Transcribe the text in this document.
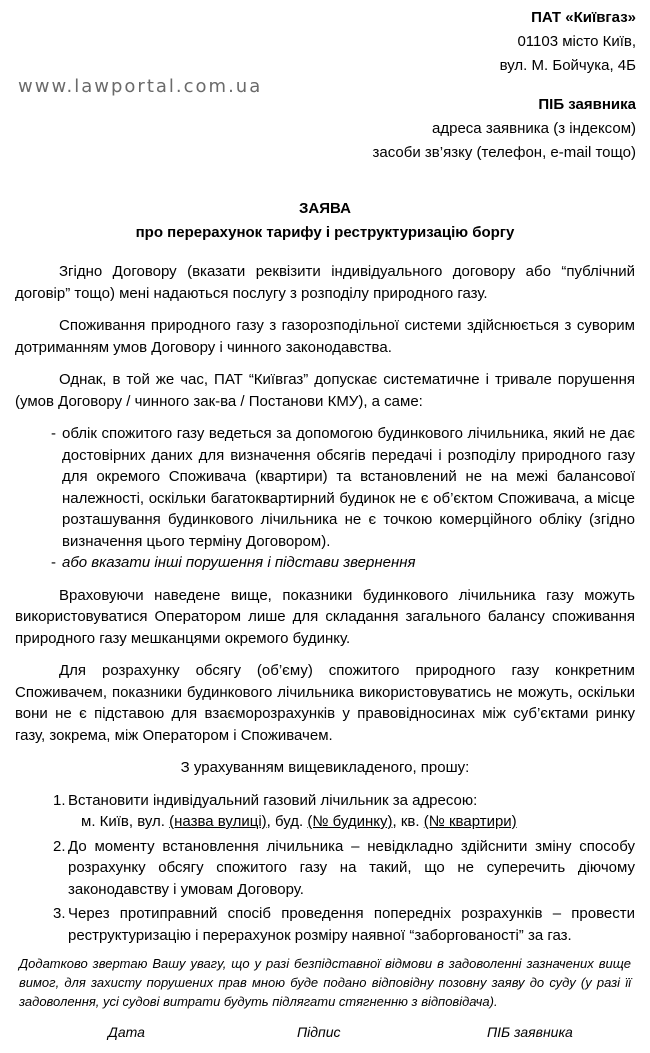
www.lawportal.com.ua
ПАТ «Київгаз»
01103 місто Київ,
вул. М. Бойчука, 4Б
ПІБ заявника
адреса заявника (з індексом)
засоби зв’язку (телефон, e-mail тощо)
ЗАЯВА
про перерахунок тарифу і реструктуризацію боргу

Згідно Договору (вказати реквізити індивідуального договору або “публічний договір” тощо) мені надаються послугу з розподілу природного газу.

Споживання природного газу з газорозподільної системи здійснюється з суворим дотриманням умов Договору і чинного законодавства.

Однак, в той же час, ПАТ “Київгаз” допускає систематичне і тривале порушення (умов Договору / чинного зак-ва / Постанови КМУ), а саме:

- облік спожитого газу ведеться за допомогою будинкового лічильника, який не дає достовірних даних для визначення обсягів передачі і розподілу природного газу для окремого Споживача (квартири) та встановлений не на межі балансової належності, оскільки багатоквартирний будинок не є об’єктом Споживача, а місце розташування будинкового лічильника не є точкою комерційного обліку (згідно визначення цього терміну Договором).
- або вказати інші порушення і підстави звернення

Враховуючи наведене вище, показники будинкового лічильника газу можуть використовуватися Оператором лише для складання загального балансу споживання природного газу мешканцями окремого будинку.

Для розрахунку обсягу (об’єму) спожитого природного газу конкретним Споживачем, показники будинкового лічильника використовуватись не можуть, оскільки вони не є підставою для взаєморозрахунків у правовідносинах між суб’єктами ринку газу, зокрема, між Оператором і Споживачем.

З урахуванням вищевикладеного, прошу:

1. Встановити індивідуальний газовий лічильник за адресою:
м. Київ, вул. (назва вулиці), буд. (№ будинку), кв. (№ квартири)
2. До моменту встановлення лічильника – невідкладно здійснити зміну способу розрахунку обсягу спожитого газу на такий, що не суперечить діючому законодавству і умовам Договору.
3. Через протиправний спосіб проведення попередніх розрахунків – провести реструктуризацію і перерахунок розміру наявної “заборгованості” за газ.

Додатково звертаю Вашу увагу, що у разі безпідставної відмови в задоволенні зазначених вище вимог, для захисту порушених прав мною буде подано відповідну позовну заяву до суду (у разі її задоволення, усі судові витрати будуть підлягати стягненню з відповідача).

Дата	Підпис	ПІБ заявника
